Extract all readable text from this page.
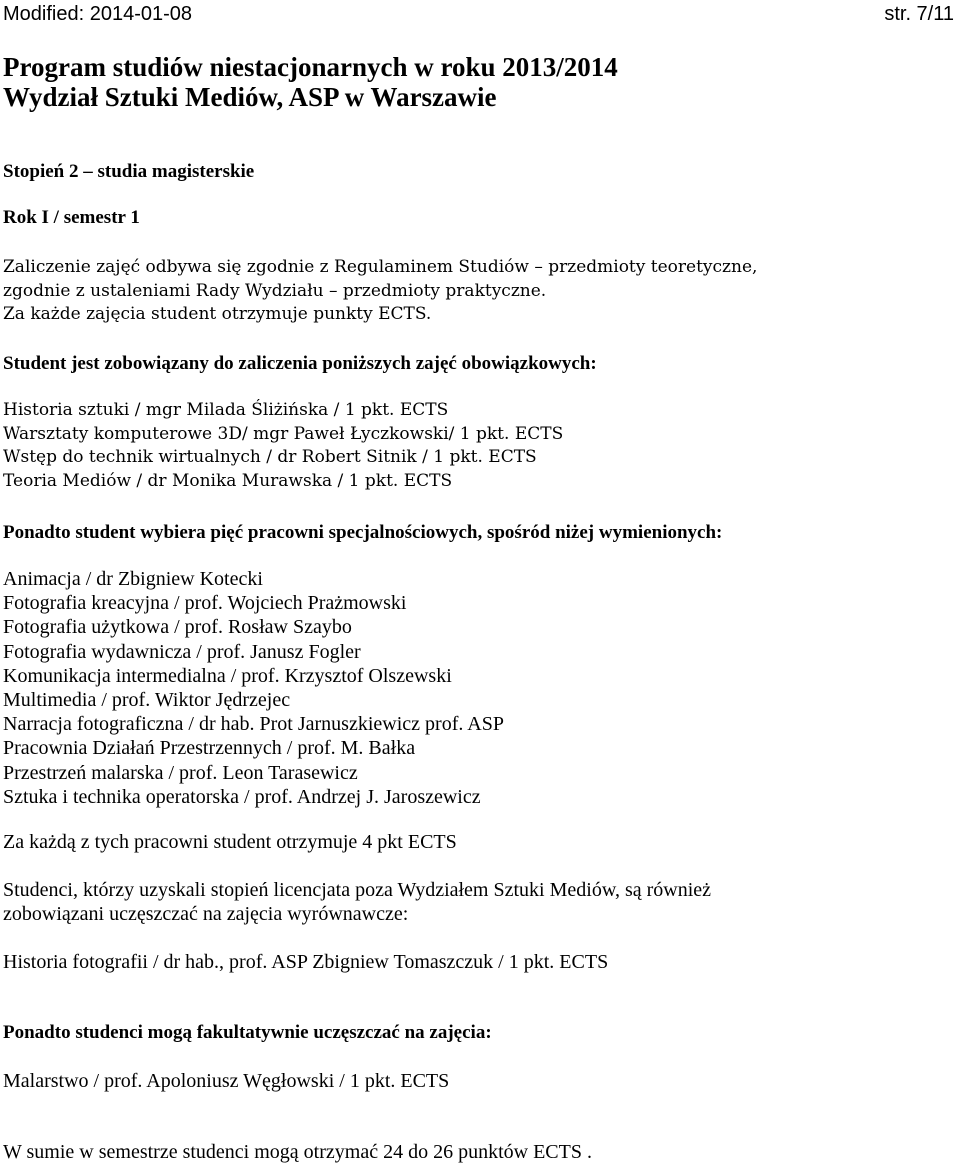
Modified: 2014-01-08	str. 7/11
Program studiów niestacjonarnych w roku 2013/2014
Wydział Sztuki Mediów, ASP w Warszawie
Stopień 2 – studia magisterskie
Rok I / semestr 1
Zaliczenie zajęć odbywa się zgodnie z Regulaminem Studiów – przedmioty teoretyczne,
zgodnie z ustaleniami Rady Wydziału – przedmioty praktyczne.
Za każde zajęcia student otrzymuje punkty ECTS.
Student jest zobowiązany do zaliczenia poniższych zajęć obowiązkowych:
Historia sztuki / mgr Milada Śliżińska / 1 pkt. ECTS
Warsztaty komputerowe 3D/ mgr Paweł Łyczkowski/ 1 pkt. ECTS
Wstęp do technik wirtualnych / dr Robert Sitnik / 1 pkt. ECTS
Teoria Mediów / dr Monika Murawska / 1 pkt. ECTS
Ponadto student wybiera pięć pracowni specjalnościowych, spośród niżej wymienionych:
Animacja / dr Zbigniew Kotecki
Fotografia kreacyjna / prof. Wojciech Prażmowski
Fotografia użytkowa / prof. Rosław Szaybo
Fotografia wydawnicza / prof. Janusz Fogler
Komunikacja intermedialna / prof. Krzysztof Olszewski
Multimedia / prof. Wiktor Jędrzejec
Narracja fotograficzna / dr hab. Prot Jarnuszkiewicz prof. ASP
Pracownia Działań Przestrzennych / prof. M. Bałka
Przestrzeń malarska / prof. Leon Tarasewicz
Sztuka i technika operatorska / prof. Andrzej J. Jaroszewicz
Za każdą z tych pracowni student otrzymuje 4 pkt ECTS
Studenci, którzy uzyskali stopień licencjata poza Wydziałem Sztuki Mediów, są również
zobowiązani uczęszczać na zajęcia wyrównawcze:
Historia fotografii / dr hab., prof. ASP Zbigniew Tomaszczuk / 1 pkt. ECTS
Ponadto studenci mogą fakultatywnie uczęszczać na zajęcia:
Malarstwo / prof. Apoloniusz Węgłowski / 1 pkt. ECTS
W sumie w semestrze studenci mogą otrzymać 24 do 26 punktów ECTS .
